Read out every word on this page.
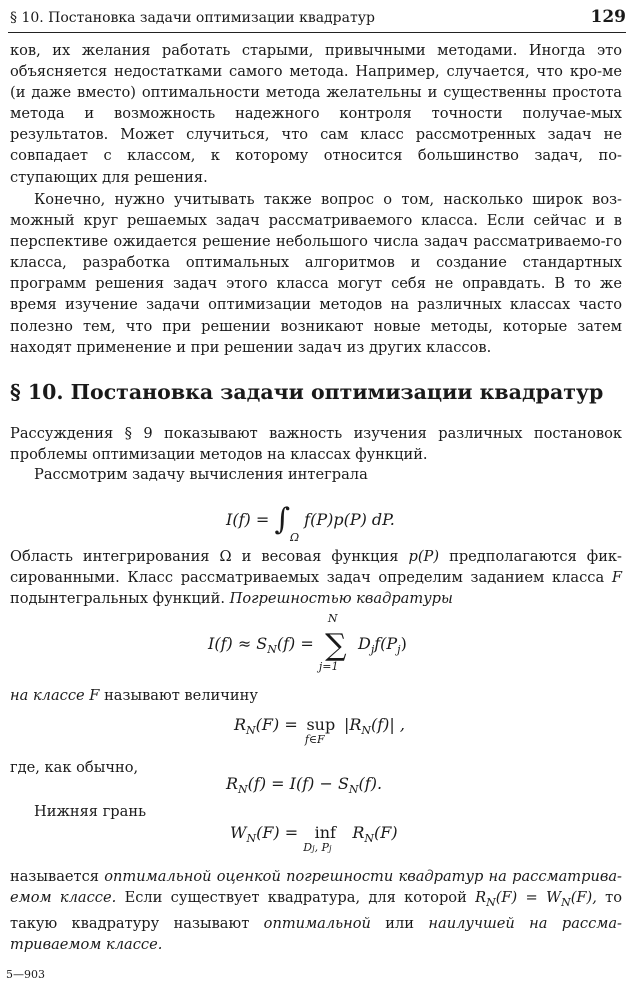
§ 10. Постановка задачи оптимизации квадратур	129
ков, их желания работать старыми, привычными методами. Иногда это объясняется недостатками самого метода. Например, случается, что кро-ме (и даже вместо) оптимальности метода желательны и существенны простота метода и возможность надежного контроля точности получае-мых результатов. Может случиться, что сам класс рассмотренных задач не совпадает с классом, к которому относится большинство задач, по-ступающих для решения.
Конечно, нужно учитывать также вопрос о том, насколько широк воз-можный круг решаемых задач рассматриваемого класса. Если сейчас и в перспективе ожидается решение небольшого числа задач рассматриваемо-го класса, разработка оптимальных алгоритмов и создание стандартных программ решения задач этого класса могут себя не оправдать. В то же время изучение задачи оптимизации методов на различных классах часто полезно тем, что при решении возникают новые методы, которые затем находят применение и при решении задач из других классов.
§ 10. Постановка задачи оптимизации квадратур
Рассуждения § 9 показывают важность изучения различных постановок проблемы оптимизации методов на классах функций.
Рассмотрим задачу вычисления интеграла
$I(f) = \int_\Omega$ f(P)p(P) dP.
Область интегрирования Ω и весовая функция p(P) предполагаются фик-сированными. Класс рассматриваемых задач определим заданием класса F подынтегральных функций. Погрешностью квадратуры
$I(f) \approx S_N(f)$ =
N
∑
j=1
$D_jf(P_j)$
на классе F называют величину
$R_N(F)$ = sup
f∈F
$|R_N(f)|$ ,
где, как обычно,
$R_N(f) = I(f) - S_N(f)$.
Нижняя грань
$W_N(F)$ = inf
Dj, Pj
$R_N(F)$
называется оптимальной оценкой погрешности квадратур на рассматрива-емом классе. Если существует квадратура, для которой $R_N(F) = W_N(F)$, то такую квадратуру называют оптимальной или наилучшей на рассма-триваемом классе.
5—903
